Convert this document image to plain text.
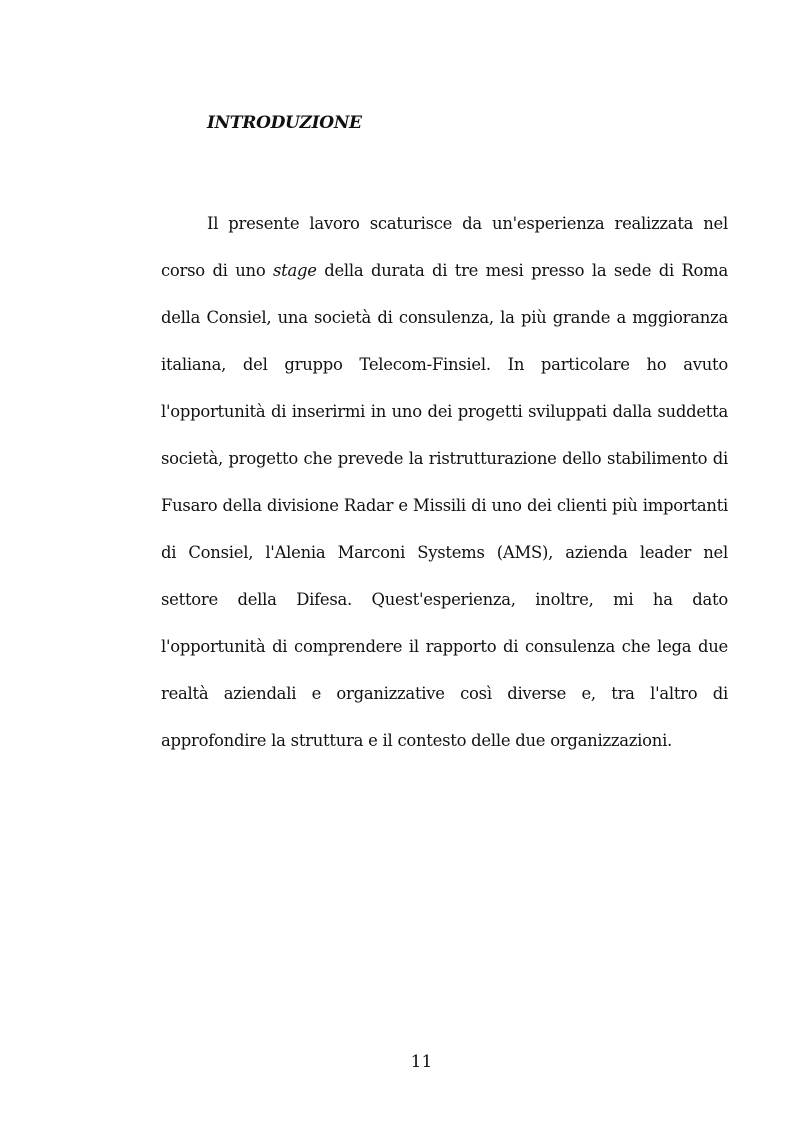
INTRODUZIONE

Il presente lavoro scaturisce da un'esperienza realizzata nel corso di uno stage della durata di tre mesi presso la sede di Roma della Consiel, una società di consulenza, la più grande a mggioranza italiana, del gruppo Telecom-Finsiel. In particolare ho avuto l'opportunità di inserirmi in uno dei progetti sviluppati dalla suddetta società, progetto che prevede la ristrutturazione dello stabilimento di Fusaro della divisione Radar e Missili di uno dei clienti più importanti di Consiel, l'Alenia Marconi Systems (AMS), azienda leader nel settore della Difesa. Quest'esperienza, inoltre, mi ha dato l'opportunità di comprendere il rapporto di consulenza che lega due realtà aziendali e organizzative così diverse e, tra l'altro di approfondire la struttura e il contesto delle due organizzazioni.

11
